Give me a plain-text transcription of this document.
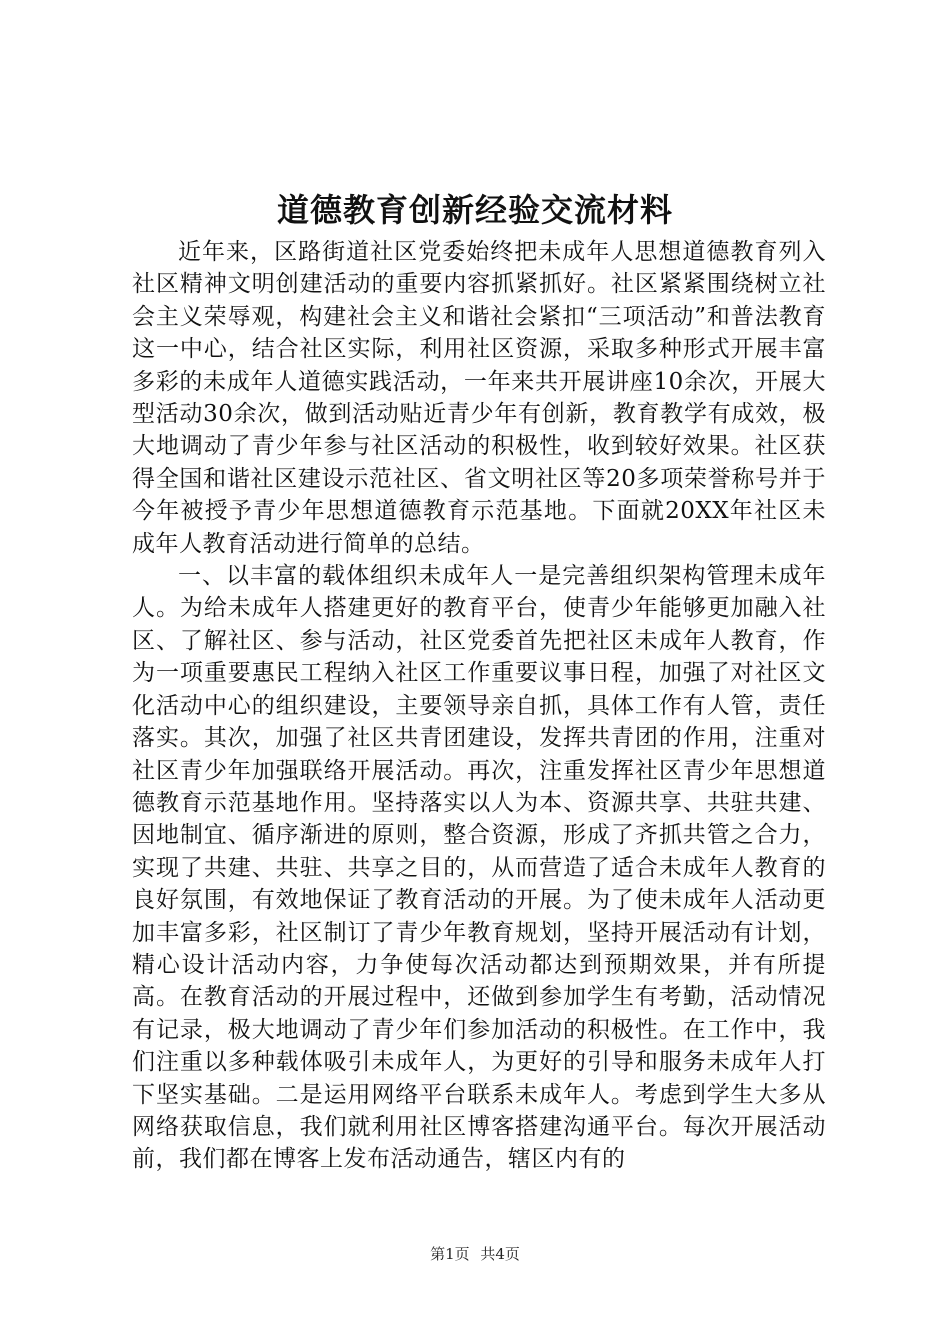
道德教育创新经验交流材料

近年来，区路街道社区党委始终把未成年人思想道德教育列入社区精神文明创建活动的重要内容抓紧抓好。社区紧紧围绕树立社会主义荣辱观，构建社会主义和谐社会紧扣“三项活动”和普法教育这一中心，结合社区实际，利用社区资源，采取多种形式开展丰富多彩的未成年人道德实践活动，一年来共开展讲座10余次，开展大型活动30余次，做到活动贴近青少年有创新，教育教学有成效，极大地调动了青少年参与社区活动的积极性，收到较好效果。社区获得全国和谐社区建设示范社区、省文明社区等20多项荣誉称号并于今年被授予青少年思想道德教育示范基地。下面就20XX年社区未成年人教育活动进行简单的总结。

一、以丰富的载体组织未成年人一是完善组织架构管理未成年人。为给未成年人搭建更好的教育平台，使青少年能够更加融入社区、了解社区、参与活动，社区党委首先把社区未成年人教育，作为一项重要惠民工程纳入社区工作重要议事日程，加强了对社区文化活动中心的组织建设，主要领导亲自抓，具体工作有人管，责任落实。其次，加强了社区共青团建设，发挥共青团的作用，注重对社区青少年加强联络开展活动。再次，注重发挥社区青少年思想道德教育示范基地作用。坚持落实以人为本、资源共享、共驻共建、因地制宜、循序渐进的原则，整合资源，形成了齐抓共管之合力，实现了共建、共驻、共享之目的，从而营造了适合未成年人教育的良好氛围，有效地保证了教育活动的开展。为了使未成年人活动更加丰富多彩，社区制订了青少年教育规划，坚持开展活动有计划，精心设计活动内容，力争使每次活动都达到预期效果，并有所提高。在教育活动的开展过程中，还做到参加学生有考勤，活动情况有记录，极大地调动了青少年们参加活动的积极性。在工作中，我们注重以多种载体吸引未成年人，为更好的引导和服务未成年人打下坚实基础。二是运用网络平台联系未成年人。考虑到学生大多从网络获取信息，我们就利用社区博客搭建沟通平台。每次开展活动前，我们都在博客上发布活动通告，辖区内有的

第1页 共4页
